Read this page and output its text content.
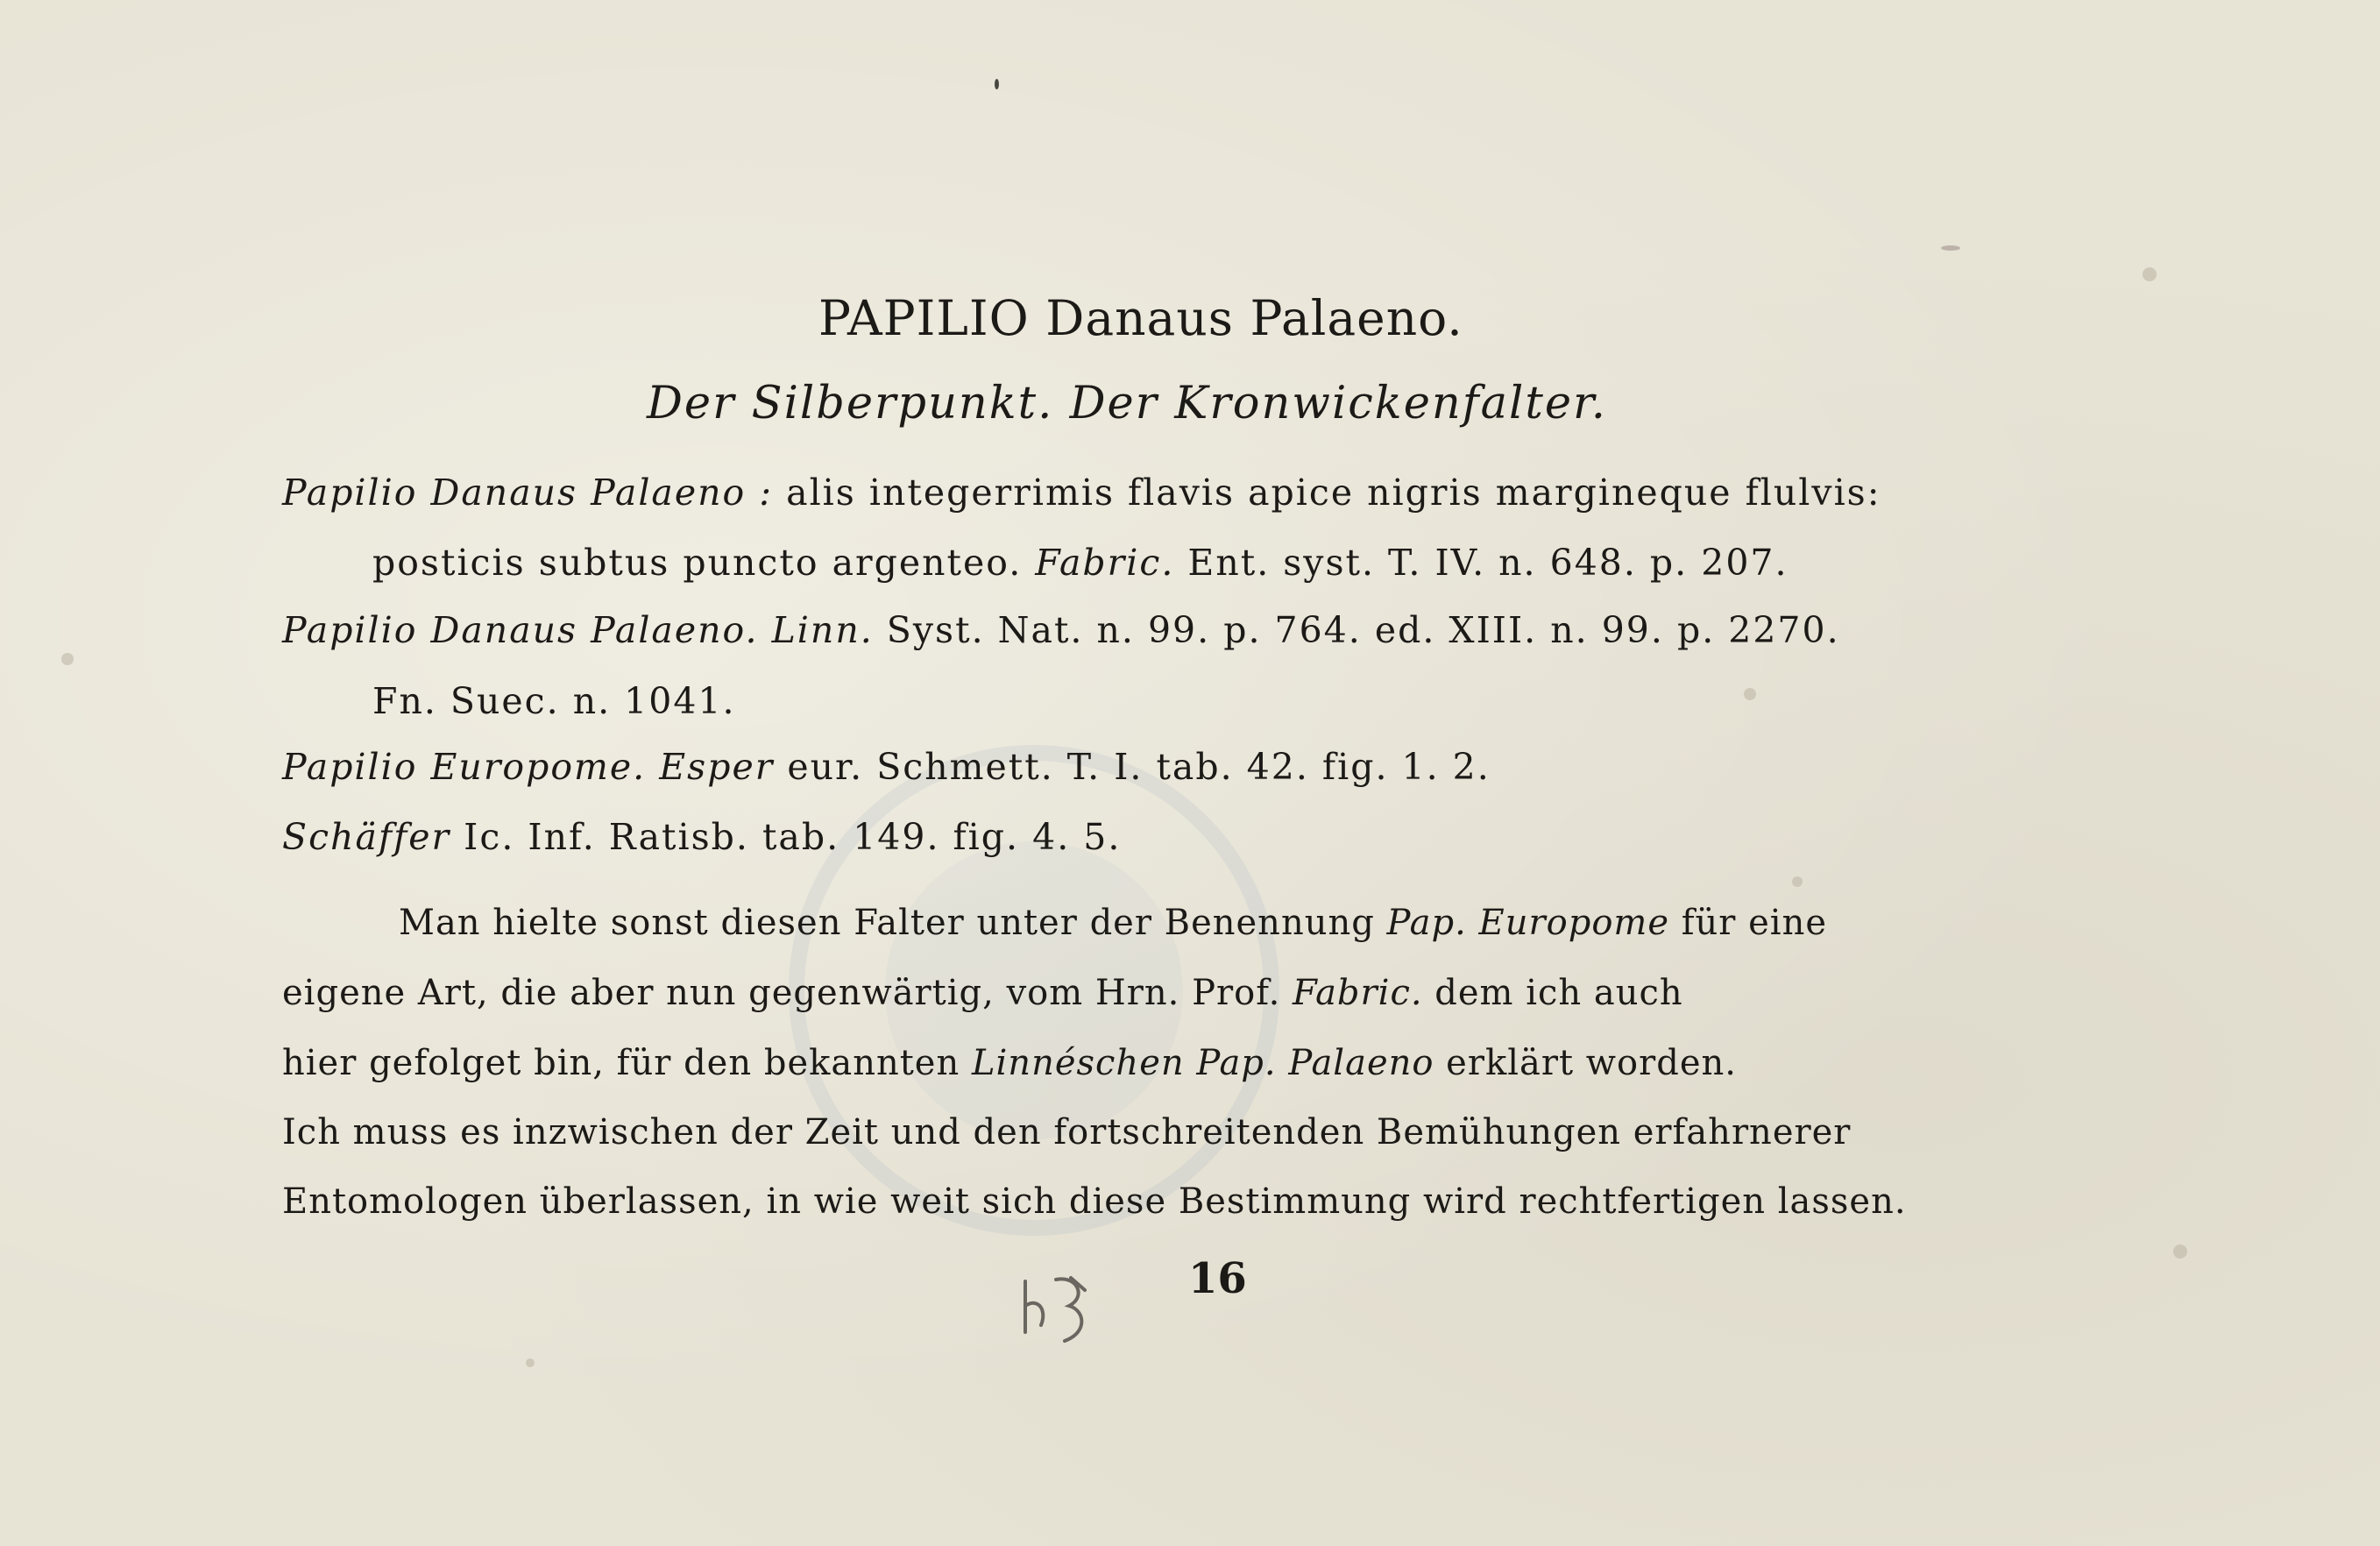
PAPILIO Danaus Palaeno.
Der Silberpunkt. Der Kronwickenfalter.
Papilio Danaus Palaeno : alis integerrimis flavis apice nigris margineque flulvis:
posticis subtus puncto argenteo. Fabric. Ent. syst. T. IV. n. 648. p. 207.
Papilio Danaus Palaeno. Linn. Syst. Nat. n. 99. p. 764. ed. XIII. n. 99. p. 2270.
Fn. Suec. n. 1041.
Papilio Europome. Esper eur. Schmett. T. I. tab. 42. fig. 1. 2.
Schäffer Ic. Inf. Ratisb. tab. 149. fig. 4. 5.
Man hielte sonst diesen Falter unter der Benennung Pap. Europome für eine
eigene Art, die aber nun gegenwärtig, vom Hrn. Prof. Fabric. dem ich auch
hier gefolget bin, für den bekannten Linnéschen Pap. Palaeno erklärt worden.
Ich muss es inzwischen der Zeit und den fortschreitenden Bemühungen erfahrnerer
Entomologen überlassen, in wie weit sich diese Bestimmung wird rechtfertigen lassen.
16
